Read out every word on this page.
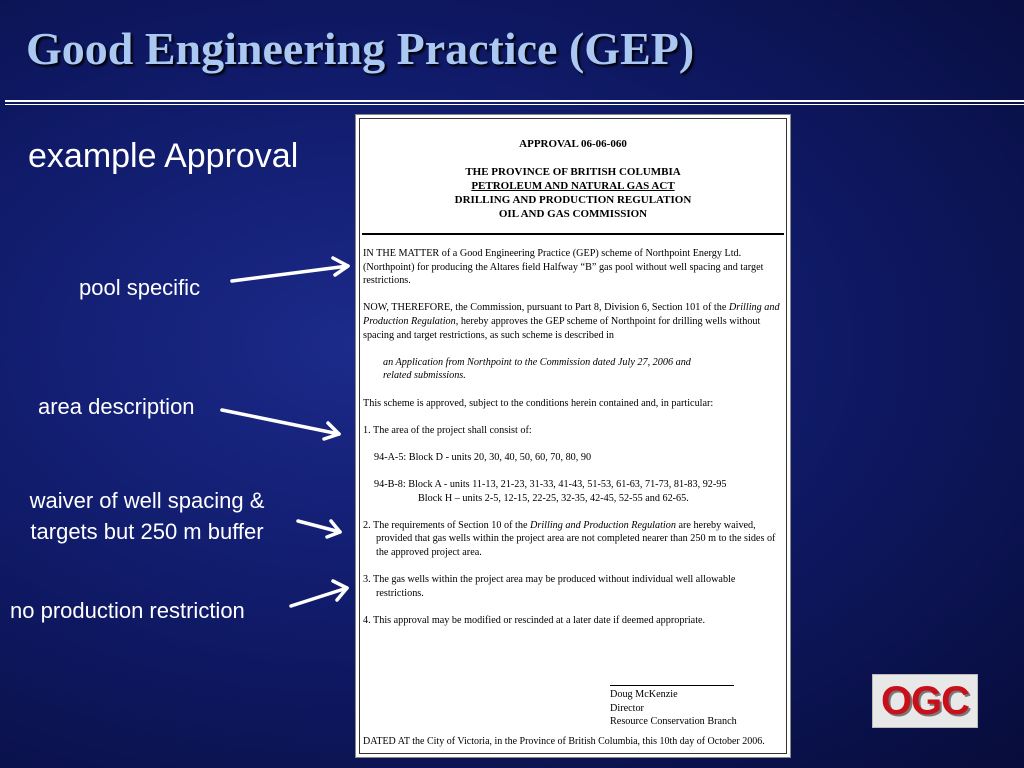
Good Engineering Practice (GEP)
example Approval
pool specific
area description
waiver of well spacing & targets but 250 m buffer
no production restriction
APPROVAL 06-06-060
THE PROVINCE OF BRITISH COLUMBIA
PETROLEUM AND NATURAL GAS ACT
DRILLING AND PRODUCTION REGULATION
OIL AND GAS COMMISSION

IN THE MATTER of a Good Engineering Practice (GEP) scheme of Northpoint Energy Ltd. (Northpoint) for producing the Altares field Halfway “B” gas pool without well spacing and target restrictions.

NOW, THEREFORE, the Commission, pursuant to Part 8, Division 6, Section 101 of the Drilling and Production Regulation, hereby approves the GEP scheme of Northpoint for drilling wells without spacing and target restrictions, as such scheme is described in

an Application from Northpoint to the Commission dated July 27, 2006 and
related submissions.

This scheme is approved, subject to the conditions herein contained and, in particular:

1. The area of the project shall consist of:

94-A-5: Block D - units 20, 30, 40, 50, 60, 70, 80, 90

94-B-8: Block A - units 11-13, 21-23, 31-33, 41-43, 51-53, 61-63, 71-73, 81-83, 92-95
Block H – units 2-5, 12-15, 22-25, 32-35, 42-45, 52-55 and 62-65.

2. The requirements of Section 10 of the Drilling and Production Regulation are hereby waived, provided that gas wells within the project area are not completed nearer than 250 m to the sides of the approved project area.

3. The gas wells within the project area may be produced without individual well allowable restrictions.

4. This approval may be modified or rescinded at a later date if deemed appropriate.

Doug McKenzie
Director
Resource Conservation Branch
DATED AT the City of Victoria, in the Province of British Columbia, this 10th day of October 2006.
OGC
